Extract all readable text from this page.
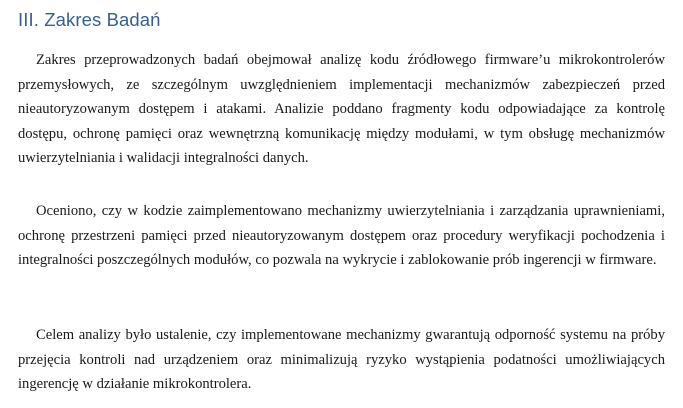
III. Zakres Badań

Zakres przeprowadzonych badań obejmował analizę kodu źródłowego firmware’u mikrokontrolerów przemysłowych, ze szczególnym uwzględnieniem implementacji mechanizmów zabezpieczeń przed nieautoryzowanym dostępem i atakami. Analizie poddano fragmenty kodu odpowiadające za kontrolę dostępu, ochronę pamięci oraz wewnętrzną komunikację między modułami, w tym obsługę mechanizmów uwierzytelniania i walidacji integralności danych.

Oceniono, czy w kodzie zaimplementowano mechanizmy uwierzytelniania i zarządzania uprawnieniami, ochronę przestrzeni pamięci przed nieautoryzowanym dostępem oraz procedury weryfikacji pochodzenia i integralności poszczególnych modułów, co pozwala na wykrycie i zablokowanie prób ingerencji w firmware.

Celem analizy było ustalenie, czy implementowane mechanizmy gwarantują odporność systemu na próby przejęcia kontroli nad urządzeniem oraz minimalizują ryzyko wystąpienia podatności umożliwiających ingerencję w działanie mikrokontrolera.
